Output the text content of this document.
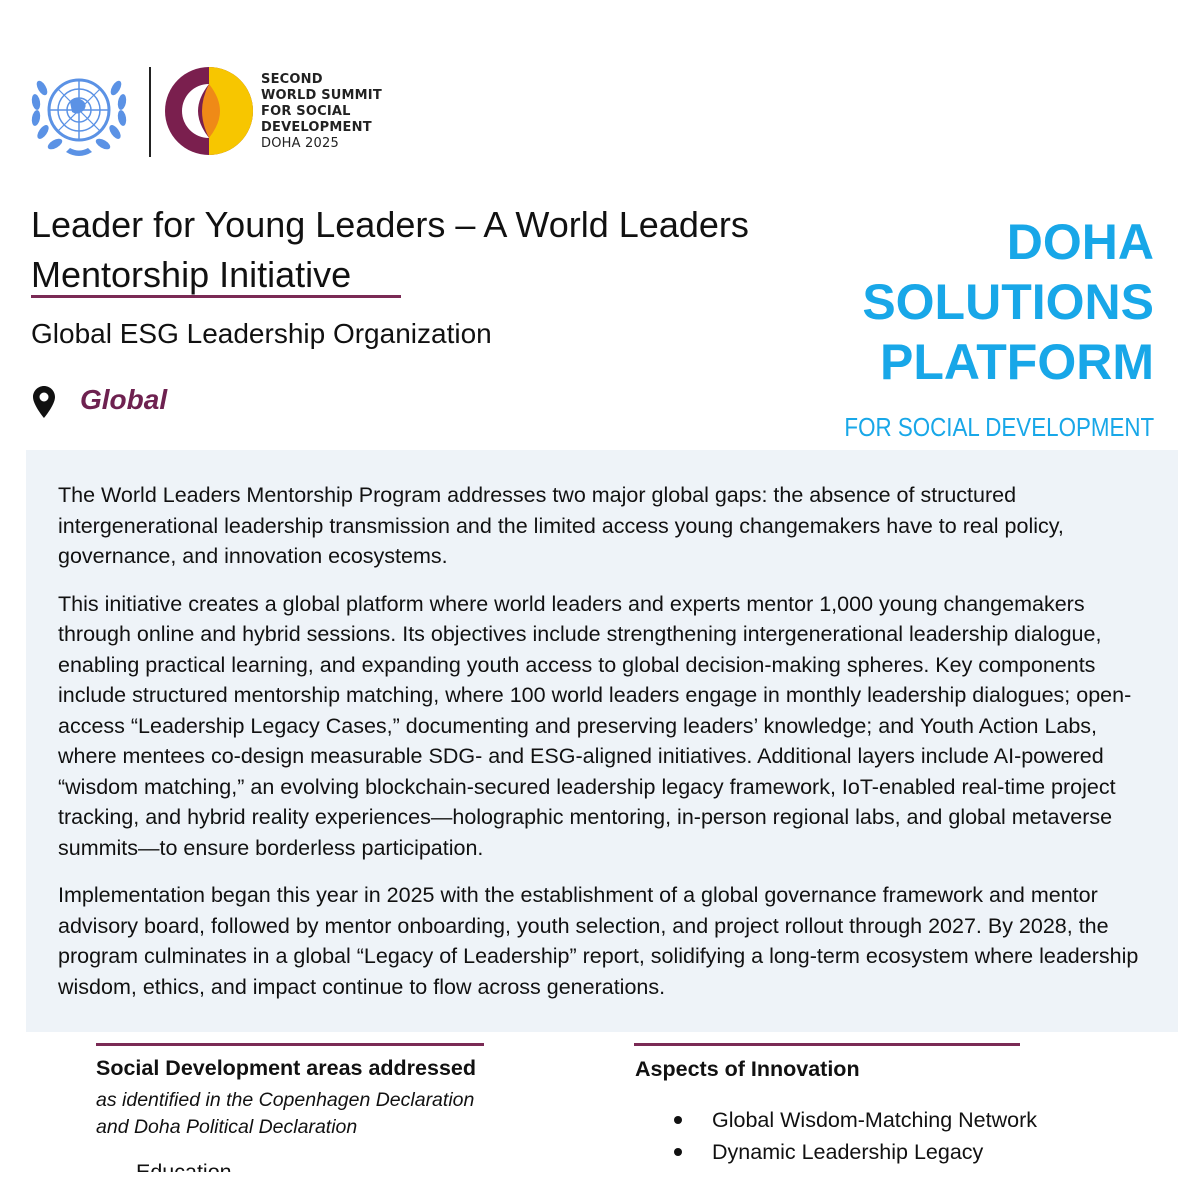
SECOND
WORLD SUMMIT
FOR SOCIAL
DEVELOPMENT
DOHA 2025
Leader for Young Leaders – A World Leaders
Mentorship Initiative
Global ESG Leadership Organization
Global
DOHA
SOLUTIONS
PLATFORM
FOR SOCIAL DEVELOPMENT

The World Leaders Mentorship Program addresses two major global gaps: the absence of structured intergenerational leadership transmission and the limited access young changemakers have to real policy, governance, and innovation ecosystems.

This initiative creates a global platform where world leaders and experts mentor 1,000 young changemakers through online and hybrid sessions. Its objectives include strengthening intergenerational leadership dialogue, enabling practical learning, and expanding youth access to global decision-making spheres. Key components include structured mentorship matching, where 100 world leaders engage in monthly leadership dialogues; open-access “Leadership Legacy Cases,” documenting and preserving leaders’ knowledge; and Youth Action Labs, where mentees co-design measurable SDG- and ESG-aligned initiatives. Additional layers include AI-powered “wisdom matching,” an evolving blockchain-secured leadership legacy framework, IoT-enabled real-time project tracking, and hybrid reality experiences—holographic mentoring, in-person regional labs, and global metaverse summits—to ensure borderless participation.

Implementation began this year in 2025 with the establishment of a global governance framework and mentor advisory board, followed by mentor onboarding, youth selection, and project rollout through 2027. By 2028, the program culminates in a global “Legacy of Leadership” report, solidifying a long-term ecosystem where leadership wisdom, ethics, and impact continue to flow across generations.

Social Development areas addressed
as identified in the Copenhagen Declaration
and Doha Political Declaration
Aspects of Innovation
Global Wisdom-Matching Network
Dynamic Leadership Legacy
